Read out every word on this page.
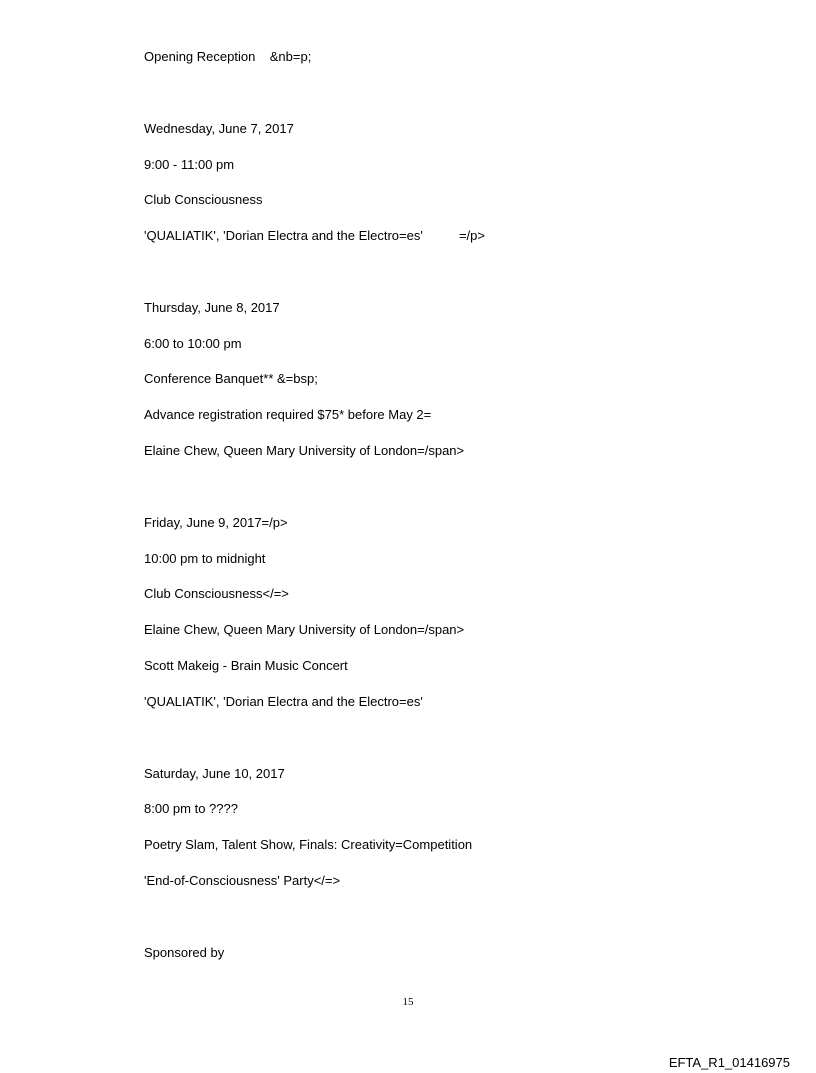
Opening Reception    &nb=p;
Wednesday, June 7, 2017
9:00 - 11:00 pm
Club Consciousness
'QUALIATIK', 'Dorian Electra and the Electro=es'          =/p>
Thursday, June 8, 2017
6:00 to 10:00 pm
Conference Banquet** &=bsp;
Advance registration required $75* before May 2=
Elaine Chew, Queen Mary University of London=/span>
Friday, June 9, 2017=/p>
10:00 pm to midnight
Club Consciousness</=>
Elaine Chew, Queen Mary University of London=/span>
Scott Makeig - Brain Music Concert
'QUALIATIK', 'Dorian Electra and the Electro=es'
Saturday, June 10, 2017
8:00 pm to ????
Poetry Slam, Talent Show, Finals: Creativity=Competition
'End-of-Consciousness' Party</=>
Sponsored by
15
EFTA_R1_01416975
